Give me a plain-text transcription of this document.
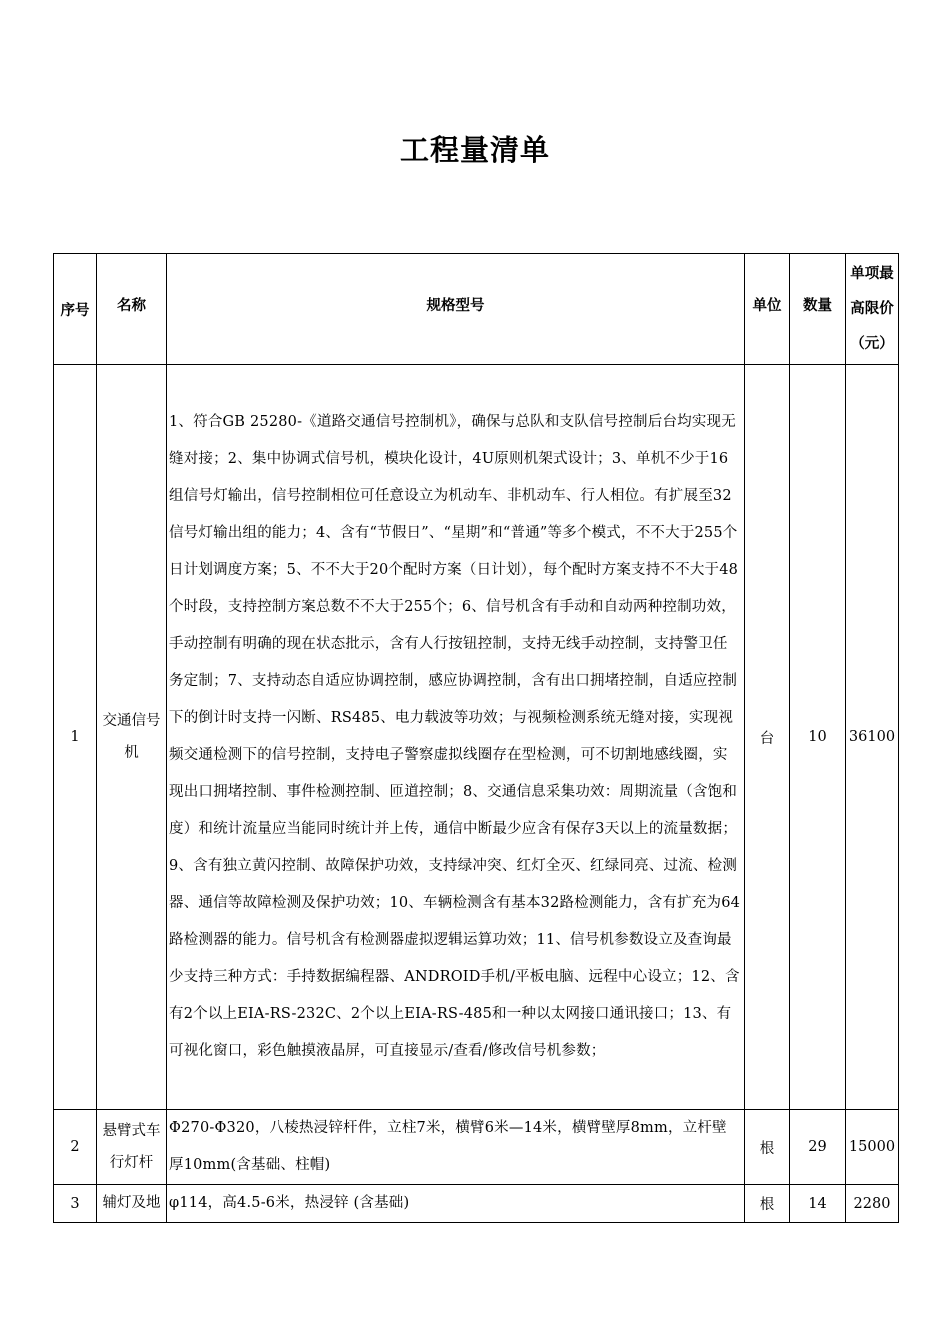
工程量清单
序号	名称	规格型号	单位	数量	单项最高限价（元）
1	交通信号机	1、符合GB 25280-《道路交通信号控制机》，确保与总队和支队信号控制后台均实现无缝对接；2、集中协调式信号机，模块化设计，4U原则机架式设计；3、单机不少于16组信号灯输出，信号控制相位可任意设立为机动车、非机动车、行人相位。有扩展至32信号灯输出组的能力；4、含有“节假日”、“星期”和“普通”等多个模式，不不大于255个日计划调度方案；5、不不大于20个配时方案（日计划），每个配时方案支持不不大于48个时段，支持控制方案总数不不大于255个；6、信号机含有手动和自动两种控制功效，手动控制有明确的现在状态批示，含有人行按钮控制，支持无线手动控制，支持警卫任务定制；7、支持动态自适应协调控制，感应协调控制，含有出口拥堵控制，自适应控制下的倒计时支持一闪断、RS485、电力载波等功效；与视频检测系统无缝对接，实现视频交通检测下的信号控制，支持电子警察虚拟线圈存在型检测，可不切割地感线圈，实现出口拥堵控制、事件检测控制、匝道控制；8、交通信息采集功效：周期流量（含饱和度）和统计流量应当能同时统计并上传，通信中断最少应含有保存3天以上的流量数据；9、含有独立黄闪控制、故障保护功效，支持绿冲突、红灯全灭、红绿同亮、过流、检测器、通信等故障检测及保护功效；10、车辆检测含有基本32路检测能力，含有扩充为64路检测器的能力。信号机含有检测器虚拟逻辑运算功效；11、信号机参数设立及查询最少支持三种方式：手持数据编程器、ANDROID手机/平板电脑、远程中心设立；12、含有2个以上EIA-RS-232C、2个以上EIA-RS-485和一种以太网接口通讯接口；13、有可视化窗口，彩色触摸液晶屏，可直接显示/查看/修改信号机参数；	台	10	36100
2	悬臂式车行灯杆	Φ270-Φ320，八棱热浸锌杆件，立柱7米，横臂6米—14米，横臂壁厚8mm，立杆壁厚10mm(含基础、柱帽)	根	29	15000
3	辅灯及地	φ114，高4.5-6米，热浸锌 (含基础)	根	14	2280
